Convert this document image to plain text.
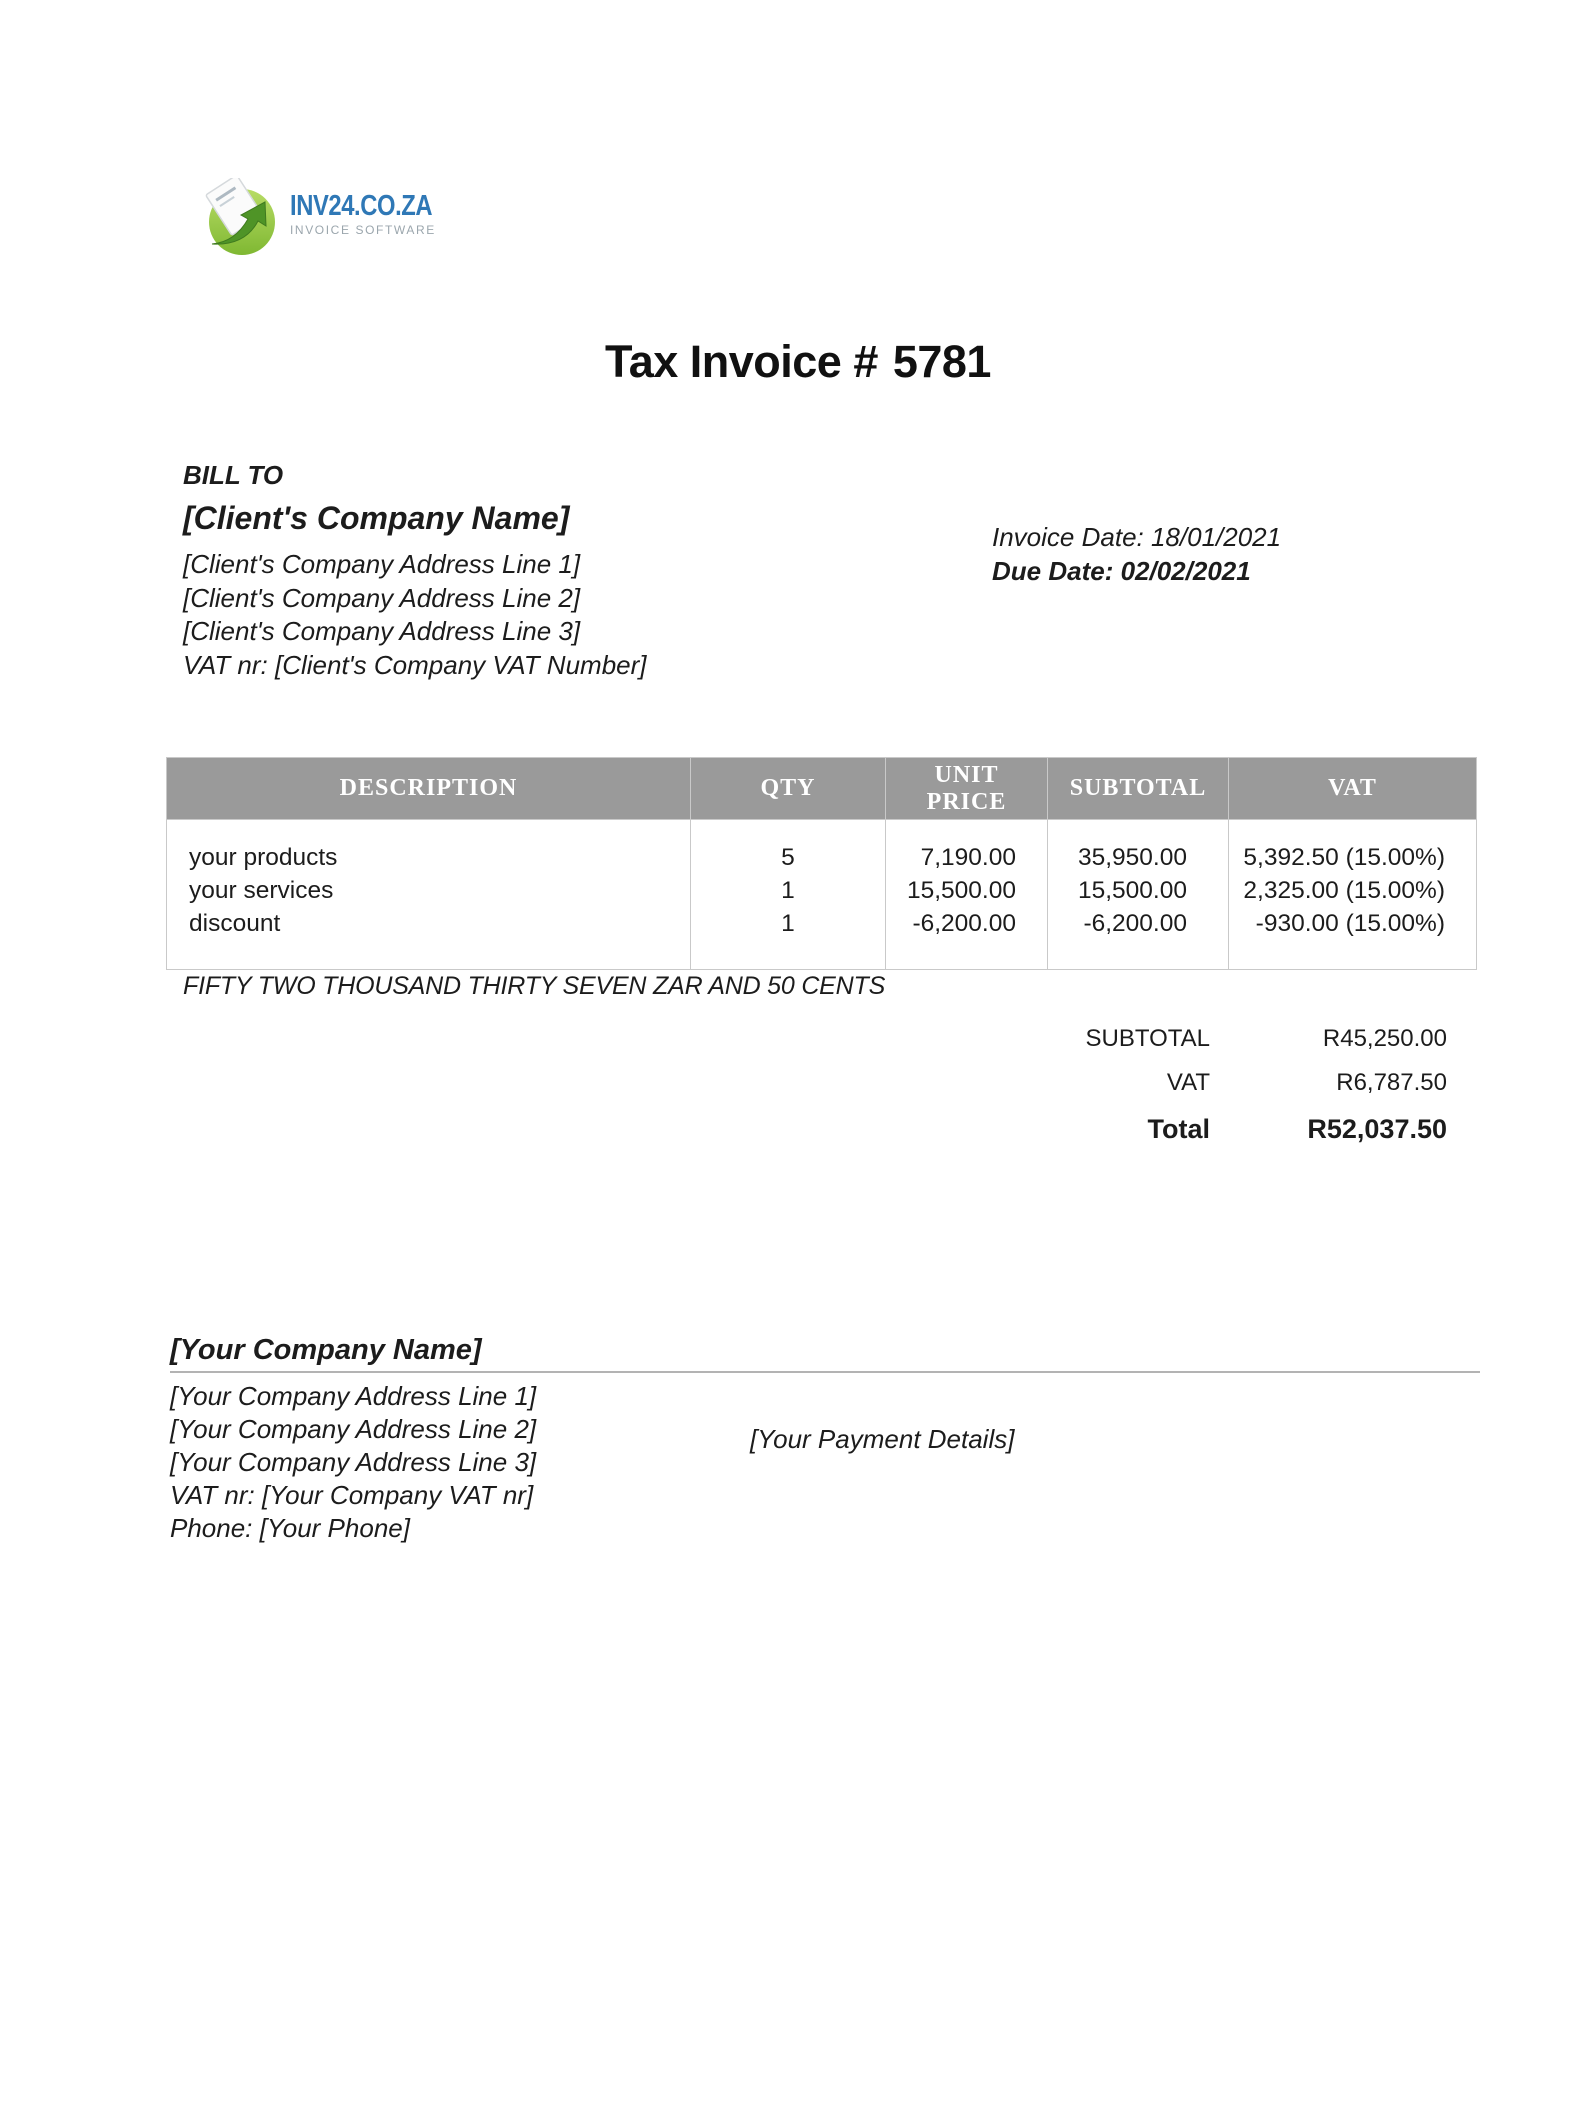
INV24.CO.ZA
INVOICE SOFTWARE
Tax Invoice # 5781
BILL TO
[Client's Company Name]
[Client's Company Address Line 1]
[Client's Company Address Line 2]
[Client's Company Address Line 3]
VAT nr: [Client's Company VAT Number]
Invoice Date: 18/01/2021
Due Date: 02/02/2021
DESCRIPTION	QTY	UNIT PRICE	SUBTOTAL	VAT
your products	5	7,190.00	35,950.00	5,392.50 (15.00%)
your services	1	15,500.00	15,500.00	2,325.00 (15.00%)
discount	1	-6,200.00	-6,200.00	-930.00 (15.00%)

FIFTY TWO THOUSAND THIRTY SEVEN ZAR AND 50 CENTS
SUBTOTAL	R45,250.00
VAT	R6,787.50
Total	R52,037.50
[Your Company Name]
[Your Company Address Line 1]
[Your Company Address Line 2]
[Your Company Address Line 3]
VAT nr: [Your Company VAT nr]
Phone: [Your Phone]
[Your Payment Details]
